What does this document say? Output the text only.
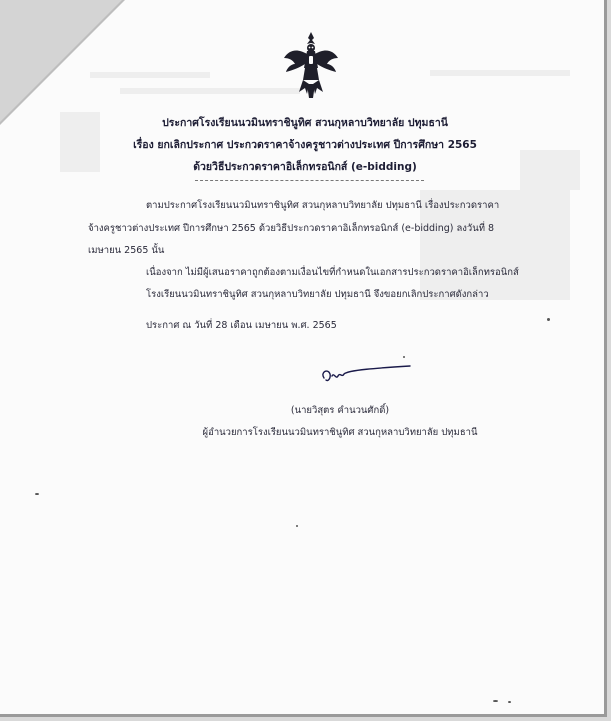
ประกาศโรงเรียนนวมินทราชินูทิศ สวนกุหลาบวิทยาลัย ปทุมธานี
เรื่อง ยกเลิกประกาศ ประกวดราคาจ้างครูชาวต่างประเทศ ปีการศึกษา 2565
ด้วยวิธีประกวดราคาอิเล็กทรอนิกส์ (e-bidding)
ตามประกาศโรงเรียนนวมินทราชินูทิศ สวนกุหลาบวิทยาลัย ปทุมธานี เรื่องประกวดราคา
จ้างครูชาวต่างประเทศ ปีการศึกษา 2565 ด้วยวิธีประกวดราคาอิเล็กทรอนิกส์ (e-bidding) ลงวันที่ 8
เมษายน 2565 นั้น
เนื่องจาก ไม่มีผู้เสนอราคาถูกต้องตามเงื่อนไขที่กำหนดในเอกสารประกวดราคาอิเล็กทรอนิกส์
โรงเรียนนวมินทราชินูทิศ สวนกุหลาบวิทยาลัย ปทุมธานี จึงขอยกเลิกประกาศดังกล่าว
ประกาศ ณ วันที่ 28 เดือน เมษายน พ.ศ. 2565
(นายวิสุตร คำนวนศักดิ์)
ผู้อำนวยการโรงเรียนนวมินทราชินูทิศ สวนกุหลาบวิทยาลัย ปทุมธานี
